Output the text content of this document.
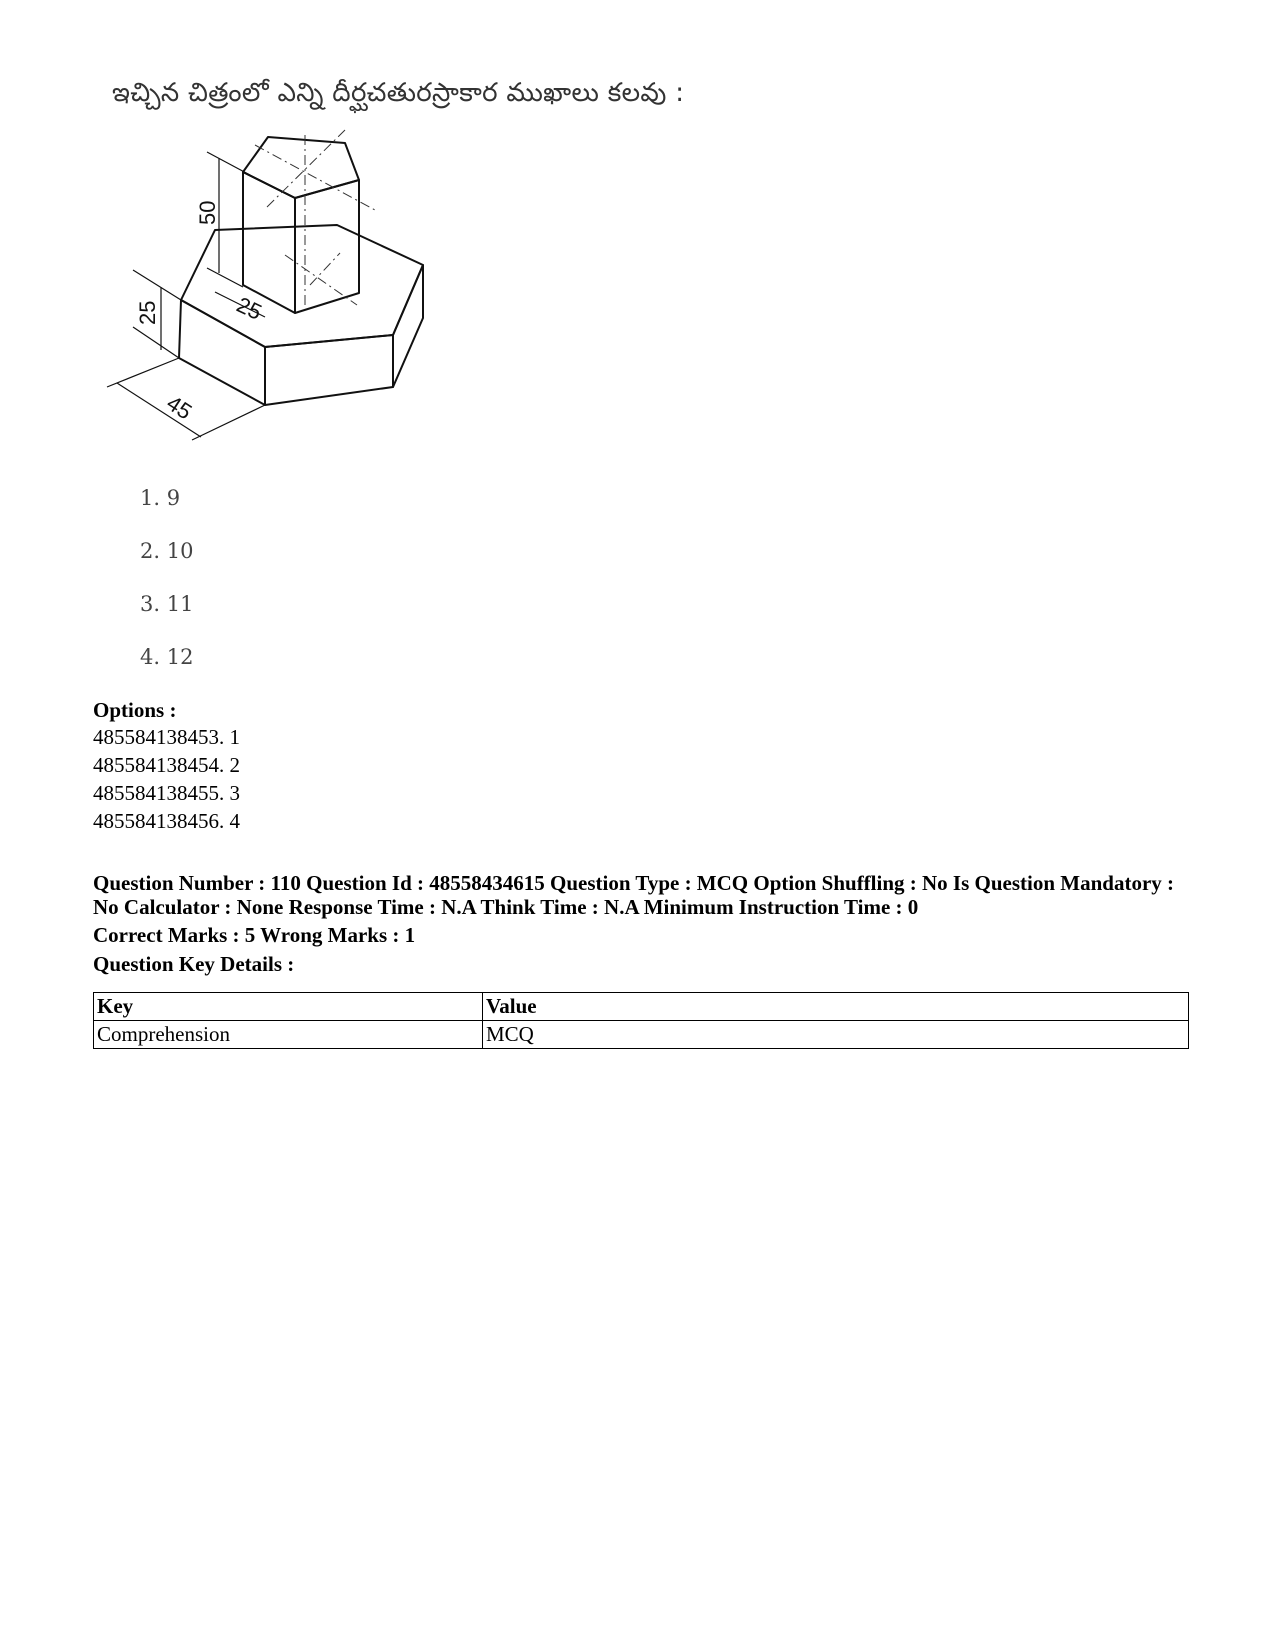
ఇచ్చిన చిత్రంలో ఎన్ని దీర్ఘచతురస్రాకార ముఖాలు కలవు :
50
25	25
45
1. 9
2. 10
3. 11
4. 12
Options :
485584138453. 1
485584138454. 2
485584138455. 3
485584138456. 4
Question Number : 110 Question Id : 48558434615 Question Type : MCQ Option Shuffling : No Is Question Mandatory :
No Calculator : None Response Time : N.A Think Time : N.A Minimum Instruction Time : 0
Correct Marks : 5 Wrong Marks : 1
Question Key Details :
Key	Value
Comprehension	MCQ
